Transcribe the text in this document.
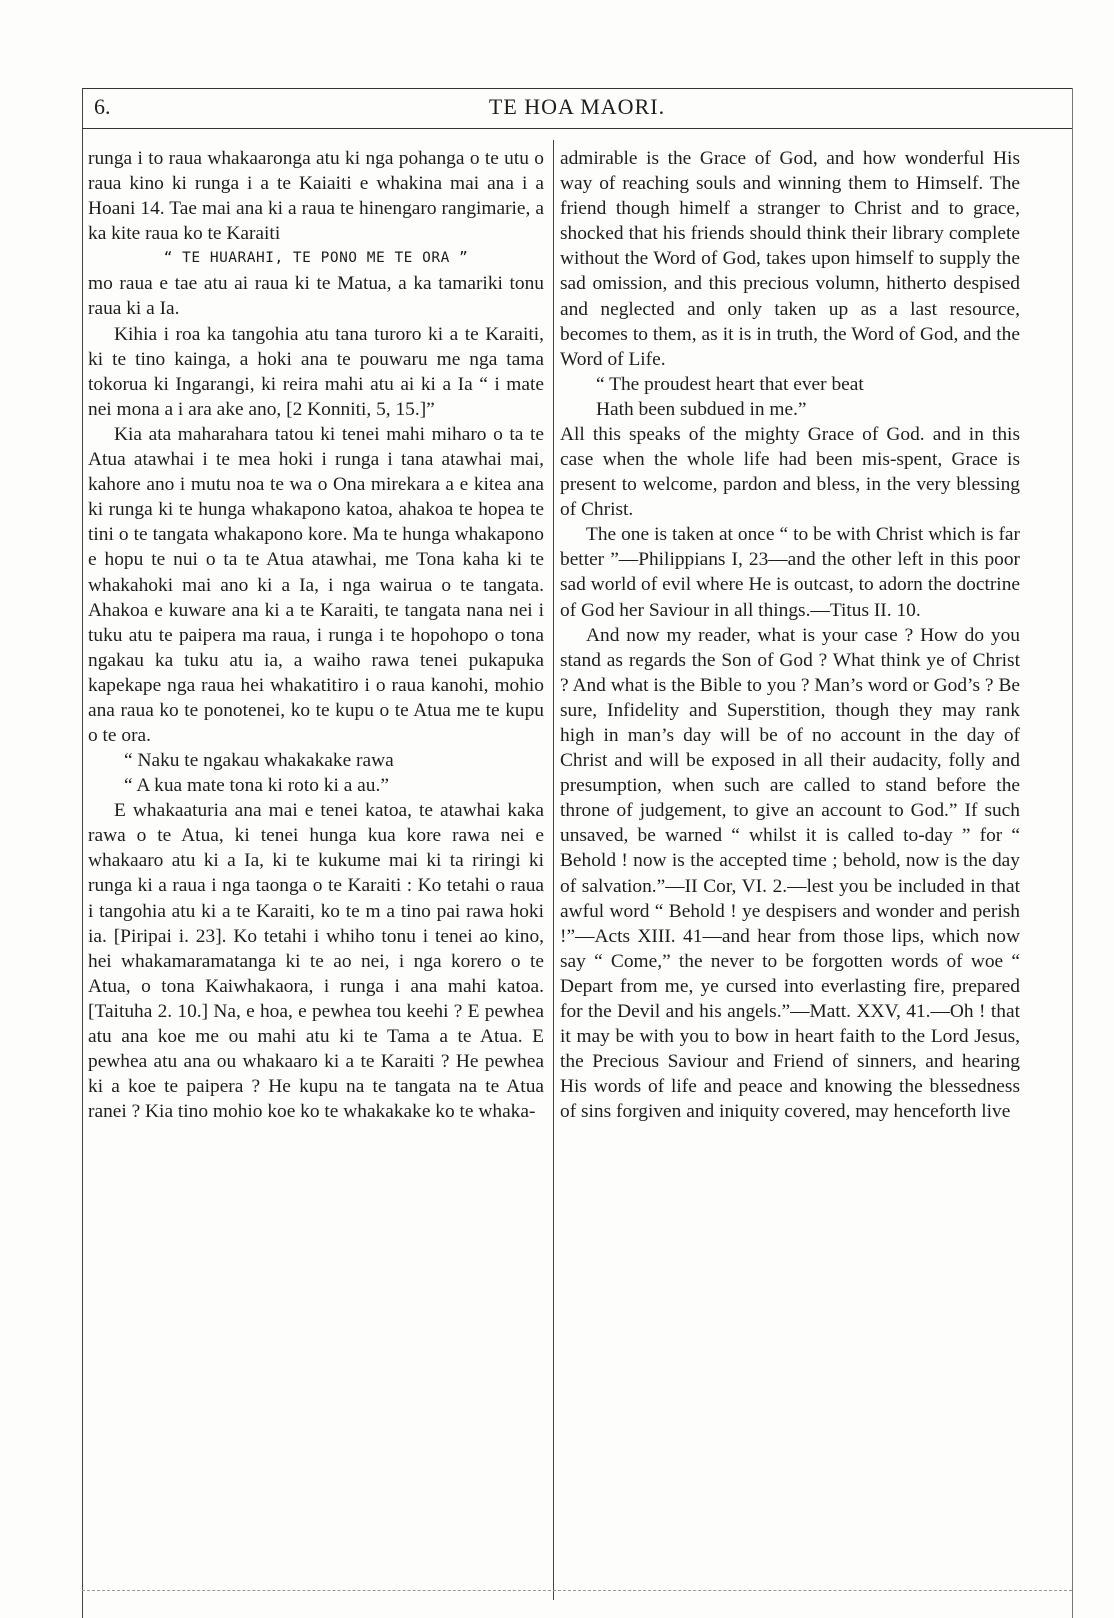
6.	TE HOA MAORI.

runga i to raua whakaaronga atu ki nga pohanga o te utu o raua kino ki runga i a te Kaiaiti e whakina mai ana i a Hoani 14. Tae mai ana ki a raua te hinengaro rangimarie, a ka kite raua ko te Karaiti

“ TE HUARAHI, TE PONO ME TE ORA ”

mo raua e tae atu ai raua ki te Matua, a ka tamariki tonu raua ki a Ia.

Kihia i roa ka tangohia atu tana turoro ki a te Karaiti, ki te tino kainga, a hoki ana te pouwaru me nga tama tokorua ki Ingarangi, ki reira mahi atu ai ki a Ia “ i mate nei mona a i ara ake ano, [2 Konniti, 5, 15.]”

Kia ata maharahara tatou ki tenei mahi miharo o ta te Atua atawhai i te mea hoki i runga i tana atawhai mai, kahore ano i mutu noa te wa o Ona mirekara a e kitea ana ki runga ki te hunga whakapono katoa, ahakoa te hopea te tini o te tangata whakapono kore. Ma te hunga whakapono e hopu te nui o ta te Atua atawhai, me Tona kaha ki te whakahoki mai ano ki a Ia, i nga wairua o te tangata. Ahakoa e kuware ana ki a te Karaiti, te tangata nana nei i tuku atu te paipera ma raua, i runga i te hopohopo o tona ngakau ka tuku atu ia, a waiho rawa tenei pukapuka kapekape nga raua hei whakatitiro i o raua kanohi, mohio ana raua ko te ponotenei, ko te kupu o te Atua me te kupu o te ora.

“ Naku te ngakau whakakake rawa
“ A kua mate tona ki roto ki a au.”

E whakaaturia ana mai e tenei katoa, te atawhai kaka rawa o te Atua, ki tenei hunga kua kore rawa nei e whakaaro atu ki a Ia, ki te kukume mai ki ta riringi ki runga ki a raua i nga taonga o te Karaiti : Ko tetahi o raua i tangohia atu ki a te Karaiti, ko te m a tino pai rawa hoki ia. [Piripai i. 23]. Ko tetahi i whiho tonu i tenei ao kino, hei whakamaramatanga ki te ao nei, i nga korero o te Atua, o tona Kaiwhakaora, i runga i ana mahi katoa. [Taituha 2. 10.] Na, e hoa, e pewhea tou keehi ? E pewhea atu ana koe me ou mahi atu ki te Tama a te Atua. E pewhea atu ana ou whakaaro ki a te Karaiti ? He pewhea ki a koe te paipera ? He kupu na te tangata na te Atua ranei ? Kia tino mohio koe ko te whakakake ko te whaka-

admirable is the Grace of God, and how wonderful His way of reaching souls and winning them to Himself. The friend though himelf a stranger to Christ and to grace, shocked that his friends should think their library complete without the Word of God, takes upon himself to supply the sad omission, and this precious volumn, hitherto despised and neglected and only taken up as a last resource, becomes to them, as it is in truth, the Word of God, and the Word of Life.

“ The proudest heart that ever beat
Hath been subdued in me.”

All this speaks of the mighty Grace of God. and in this case when the whole life had been mis-spent, Grace is present to welcome, pardon and bless, in the very blessing of Christ.

The one is taken at once “ to be with Christ which is far better ”—Philippians I, 23—and the other left in this poor sad world of evil where He is outcast, to adorn the doctrine of God her Saviour in all things.—Titus II. 10.

And now my reader, what is your case ? How do you stand as regards the Son of God ? What think ye of Christ ? And what is the Bible to you ? Man’s word or God’s ? Be sure, Infidelity and Superstition, though they may rank high in man’s day will be of no account in the day of Christ and will be exposed in all their audacity, folly and presumption, when such are called to stand before the throne of judgement, to give an account to God.” If such unsaved, be warned “ whilst it is called to-day ” for “ Behold ! now is the accepted time ; behold, now is the day of salvation.”—II Cor, VI. 2.—lest you be included in that awful word “ Behold ! ye despisers and wonder and perish !”—Acts XIII. 41—and hear from those lips, which now say “ Come,” the never to be forgotten words of woe “ Depart from me, ye cursed into everlasting fire, prepared for the Devil and his angels.”—Matt. XXV, 41.—Oh ! that it may be with you to bow in heart faith to the Lord Jesus, the Precious Saviour and Friend of sinners, and hearing His words of life and peace and knowing the blessedness of sins forgiven and iniquity covered, may henceforth live
